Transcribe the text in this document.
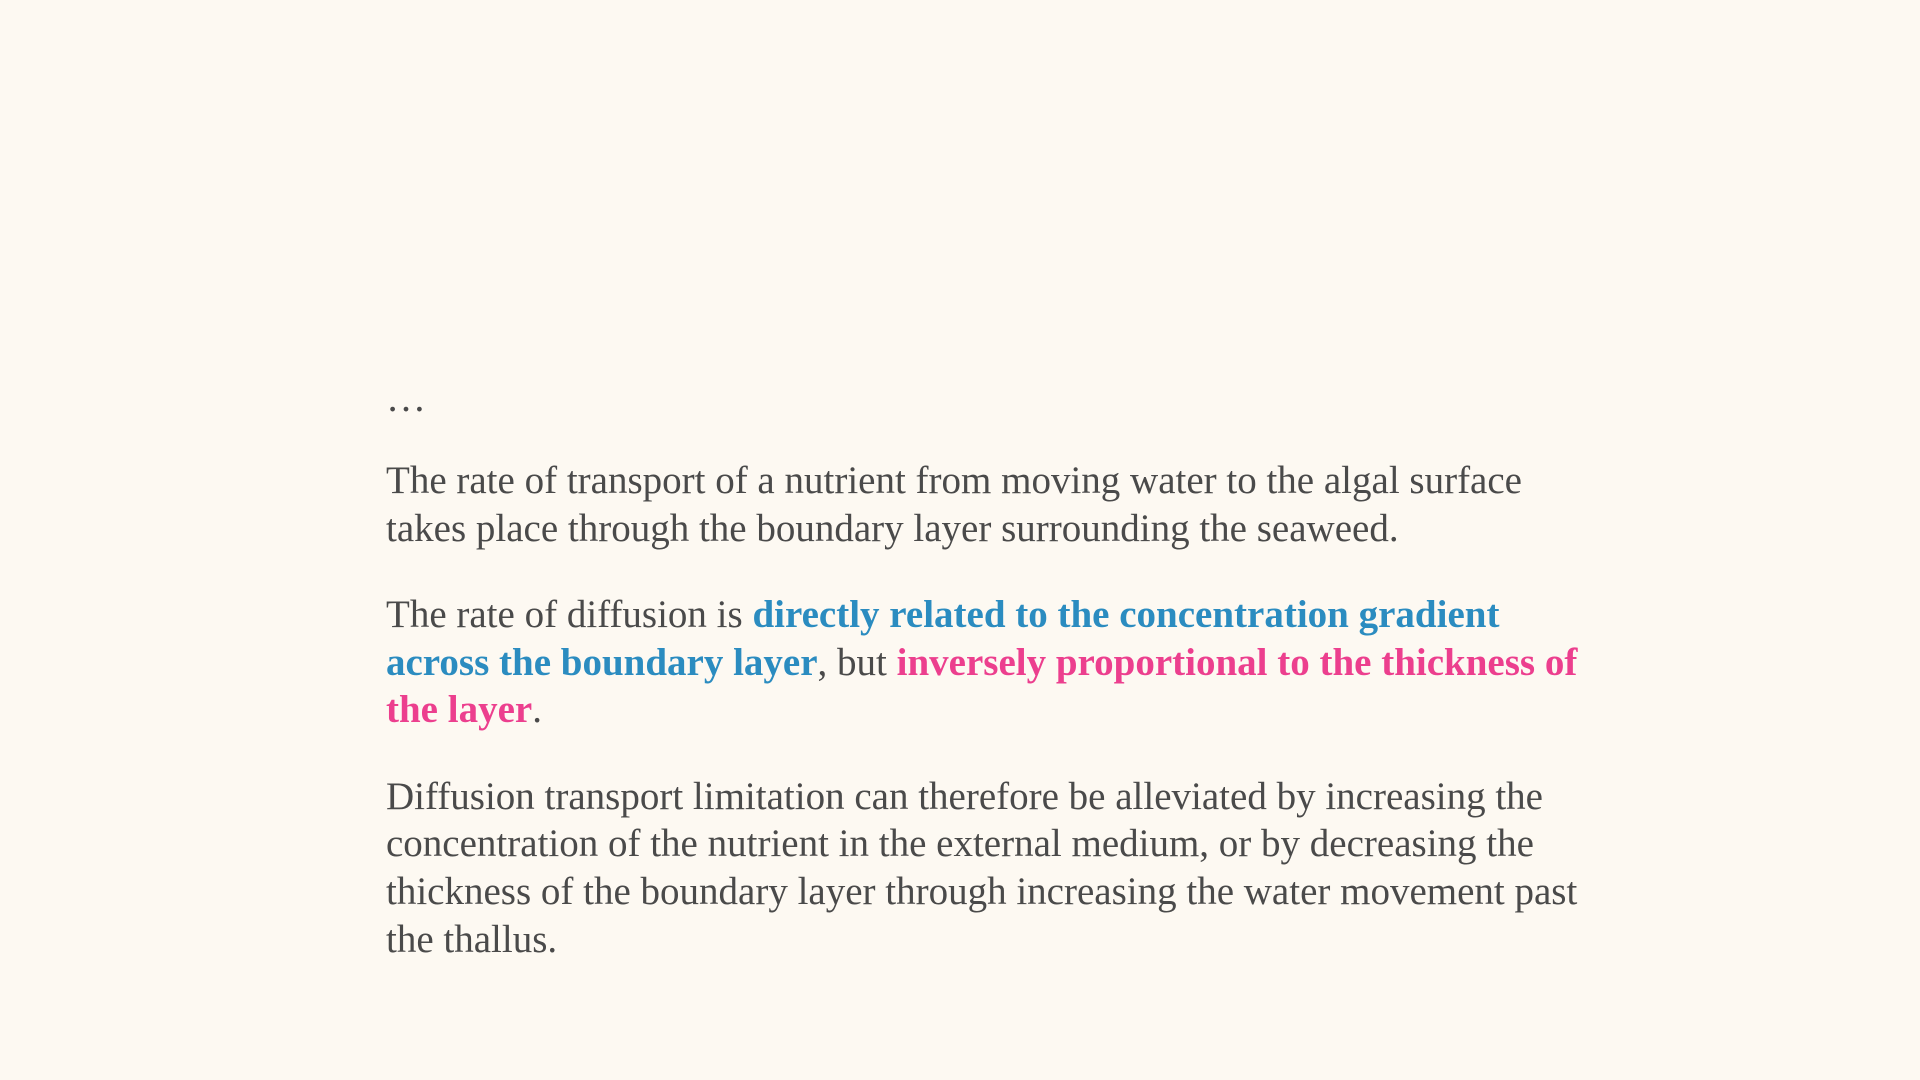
…

The rate of transport of a nutrient from moving water to the algal surface takes place through the boundary layer surrounding the seaweed.

The rate of diffusion is directly related to the concentration gradient across the boundary layer, but inversely proportional to the thickness of the layer.

Diffusion transport limitation can therefore be alleviated by increasing the concentration of the nutrient in the external medium, or by decreasing the thickness of the boundary layer through increasing the water movement past the thallus.
